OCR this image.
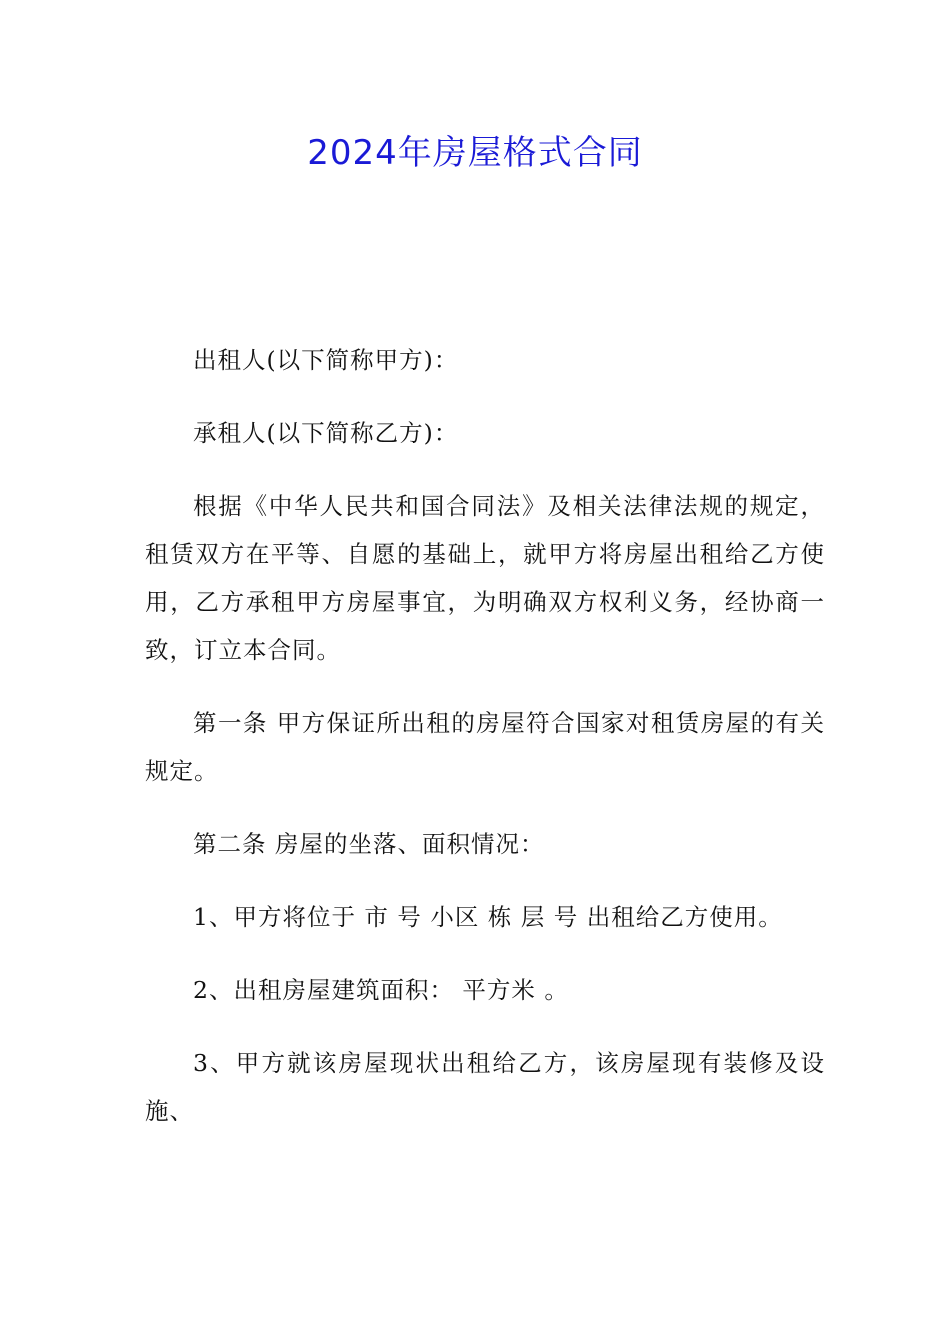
2024年房屋格式合同

出租人(以下简称甲方)：

承租人(以下简称乙方)：

根据《中华人民共和国合同法》及相关法律法规的规定，租赁双方在平等、自愿的基础上，就甲方将房屋出租给乙方使用，乙方承租甲方房屋事宜，为明确双方权利义务，经协商一致，订立本合同。

第一条 甲方保证所出租的房屋符合国家对租赁房屋的有关规定。

第二条 房屋的坐落、面积情况：

1、甲方将位于 市 号 小区 栋 层 号 出租给乙方使用。

2、出租房屋建筑面积： 平方米 。

3、甲方就该房屋现状出租给乙方，该房屋现有装修及设施、
